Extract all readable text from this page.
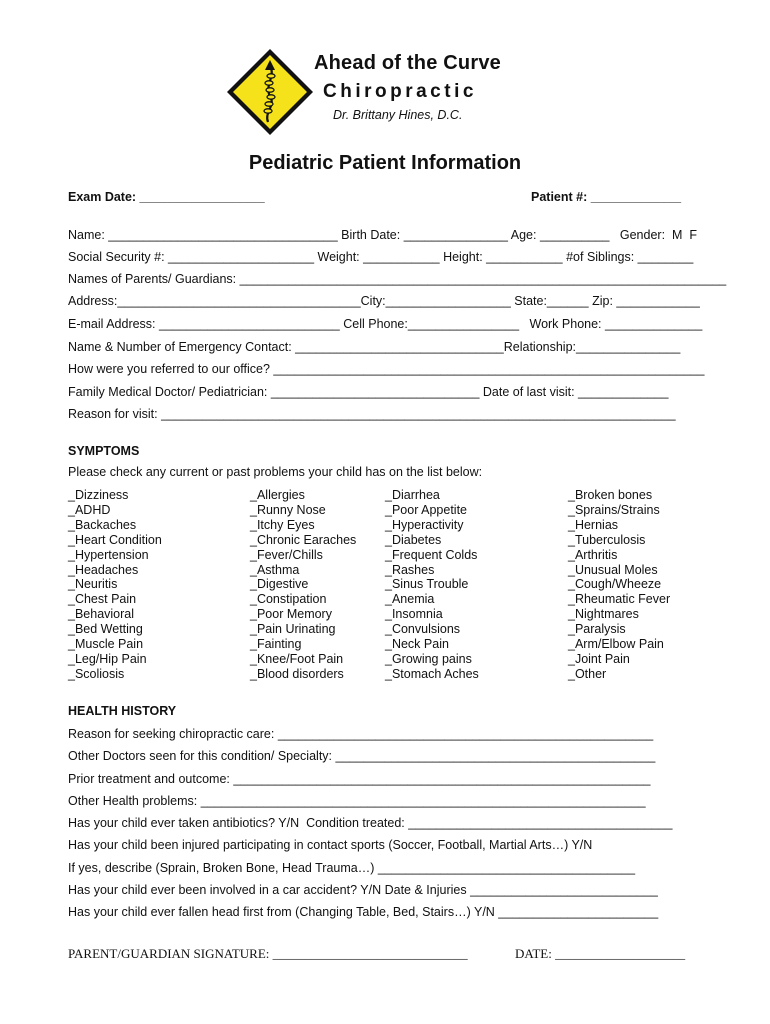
Ahead of the Curve
Chiropractic
Dr. Brittany Hines, D.C.
Pediatric Patient Information
Exam Date: __________________	Patient #: _____________
Name: _________________________________ Birth Date: _______________ Age: __________   Gender:  M  F
Social Security #: _____________________ Weight: ___________ Height: ___________ #of Siblings: ________
Names of Parents/ Guardians: ______________________________________________________________________
Address:___________________________________City:__________________ State:______ Zip: ____________
E-mail Address: __________________________ Cell Phone:________________   Work Phone: ______________
Name & Number of Emergency Contact: ______________________________Relationship:_______________
How were you referred to our office? ______________________________________________________________
Family Medical Doctor/ Pediatrician: ______________________________ Date of last visit: _____________
Reason for visit: __________________________________________________________________________
SYMPTOMS
Please check any current or past problems your child has on the list below:
_Dizziness
_ADHD
_Backaches
_Heart Condition
_Hypertension
_Headaches
_Neuritis
_Chest Pain
_Behavioral
_Bed Wetting
_Muscle Pain
_Leg/Hip Pain
_Scoliosis
_Allergies
_Runny Nose
_Itchy Eyes
_Chronic Earaches
_Fever/Chills
_Asthma
_Digestive
_Constipation
_Poor Memory
_Pain Urinating
_Fainting
_Knee/Foot Pain
_Blood disorders
_Diarrhea
_Poor Appetite
_Hyperactivity
_Diabetes
_Frequent Colds
_Rashes
_Sinus Trouble
_Anemia
_Insomnia
_Convulsions
_Neck Pain
_Growing pains
_Stomach Aches
_Broken bones
_Sprains/Strains
_Hernias
_Tuberculosis
_Arthritis
_Unusual Moles
_Cough/Wheeze
_Rheumatic Fever
_Nightmares
_Paralysis
_Arm/Elbow Pain
_Joint Pain
_Other
HEALTH HISTORY
Reason for seeking chiropractic care: ______________________________________________________
Other Doctors seen for this condition/ Specialty: ______________________________________________
Prior treatment and outcome: ____________________________________________________________
Other Health problems: ________________________________________________________________
Has your child ever taken antibiotics? Y/N  Condition treated: ______________________________________
Has your child been injured participating in contact sports (Soccer, Football, Martial Arts…) Y/N
If yes, describe (Sprain, Broken Bone, Head Trauma…) _____________________________________
Has your child ever been involved in a car accident? Y/N Date & Injuries ___________________________
Has your child ever fallen head first from (Changing Table, Bed, Stairs…) Y/N _______________________
PARENT/GUARDIAN SIGNATURE: ______________________________	DATE: ____________________
